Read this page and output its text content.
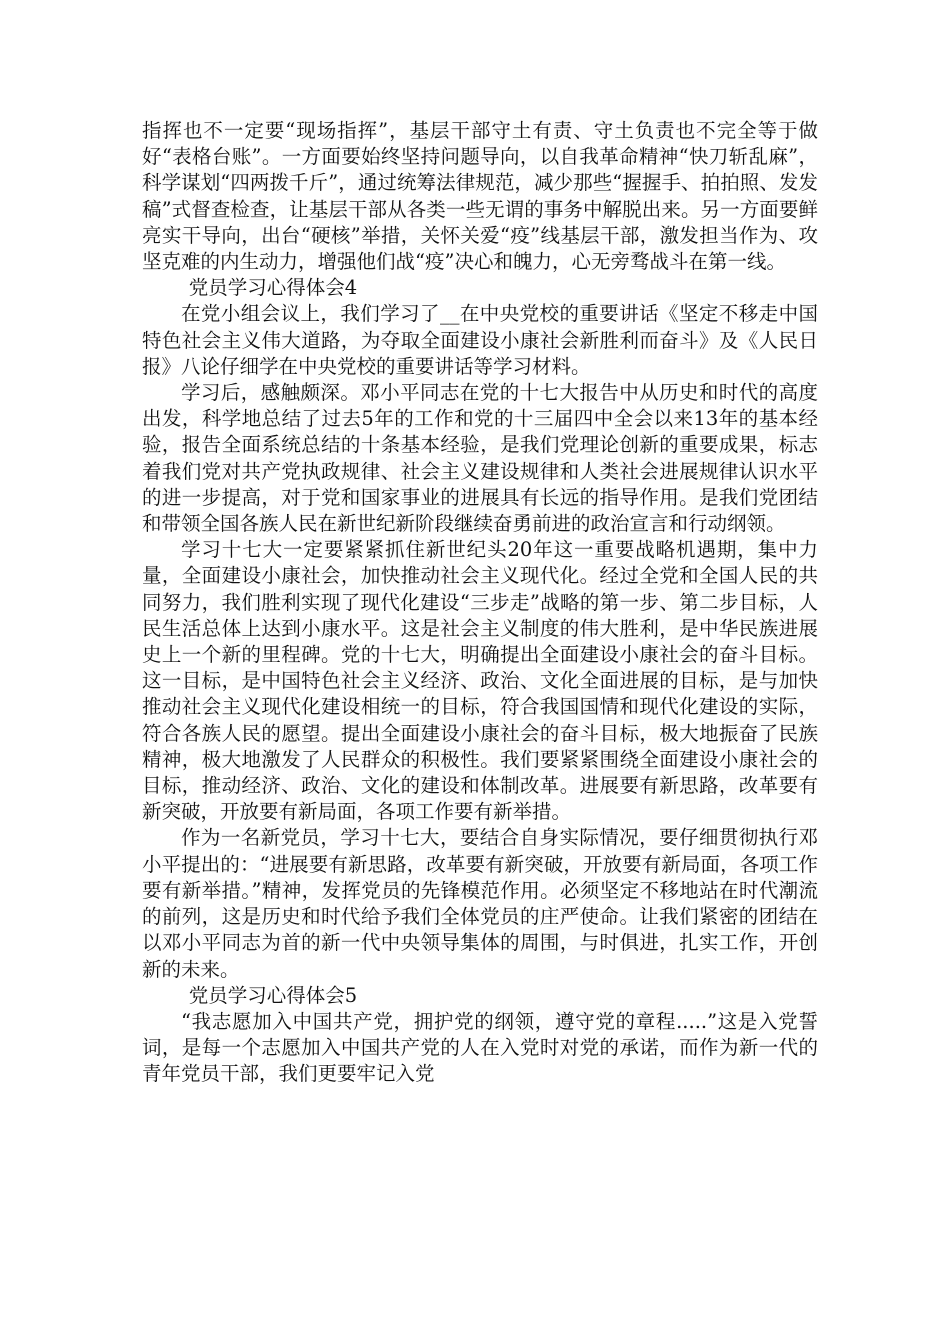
指挥也不一定要“现场指挥”，基层干部守土有责、守土负责也不完全等于做好“表格台账”。一方面要始终坚持问题导向，以自我革命精神“快刀斩乱麻”，科学谋划“四两拨千斤”，通过统筹法律规范，减少那些“握握手、拍拍照、发发稿”式督查检查，让基层干部从各类一些无谓的事务中解脱出来。另一方面要鲜亮实干导向，出台“硬核”举措，关怀关爱“疫”线基层干部，激发担当作为、攻坚克难的内生动力，增强他们战“疫”决心和魄力，心无旁骛战斗在第一线。

党员学习心得体会4

在党小组会议上，我们学习了__在中央党校的重要讲话《坚定不移走中国特色社会主义伟大道路，为夺取全面建设小康社会新胜利而奋斗》及《人民日报》八论仔细学在中央党校的重要讲话等学习材料。

学习后，感触颇深。邓小平同志在党的十七大报告中从历史和时代的高度出发，科学地总结了过去5年的工作和党的十三届四中全会以来13年的基本经验，报告全面系统总结的十条基本经验，是我们党理论创新的重要成果，标志着我们党对共产党执政规律、社会主义建设规律和人类社会进展规律认识水平的进一步提高，对于党和国家事业的进展具有长远的指导作用。是我们党团结和带领全国各族人民在新世纪新阶段继续奋勇前进的政治宣言和行动纲领。

学习十七大一定要紧紧抓住新世纪头20年这一重要战略机遇期，集中力量，全面建设小康社会，加快推动社会主义现代化。经过全党和全国人民的共同努力，我们胜利实现了现代化建设“三步走”战略的第一步、第二步目标，人民生活总体上达到小康水平。这是社会主义制度的伟大胜利，是中华民族进展史上一个新的里程碑。党的十七大，明确提出全面建设小康社会的奋斗目标。这一目标，是中国特色社会主义经济、政治、文化全面进展的目标，是与加快推动社会主义现代化建设相统一的目标，符合我国国情和现代化建设的实际，符合各族人民的愿望。提出全面建设小康社会的奋斗目标，极大地振奋了民族精神，极大地激发了人民群众的积极性。我们要紧紧围绕全面建设小康社会的目标，推动经济、政治、文化的建设和体制改革。进展要有新思路，改革要有新突破，开放要有新局面，各项工作要有新举措。

作为一名新党员，学习十七大，要结合自身实际情况，要仔细贯彻执行邓小平提出的：“进展要有新思路，改革要有新突破，开放要有新局面，各项工作要有新举措。”精神，发挥党员的先锋模范作用。必须坚定不移地站在时代潮流的前列，这是历史和时代给予我们全体党员的庄严使命。让我们紧密的团结在以邓小平同志为首的新一代中央领导集体的周围，与时俱进，扎实工作，开创新的未来。

党员学习心得体会5

“我志愿加入中国共产党，拥护党的纲领，遵守党的章程.....”这是入党誓词，是每一个志愿加入中国共产党的人在入党时对党的承诺，而作为新一代的青年党员干部，我们更要牢记入党
